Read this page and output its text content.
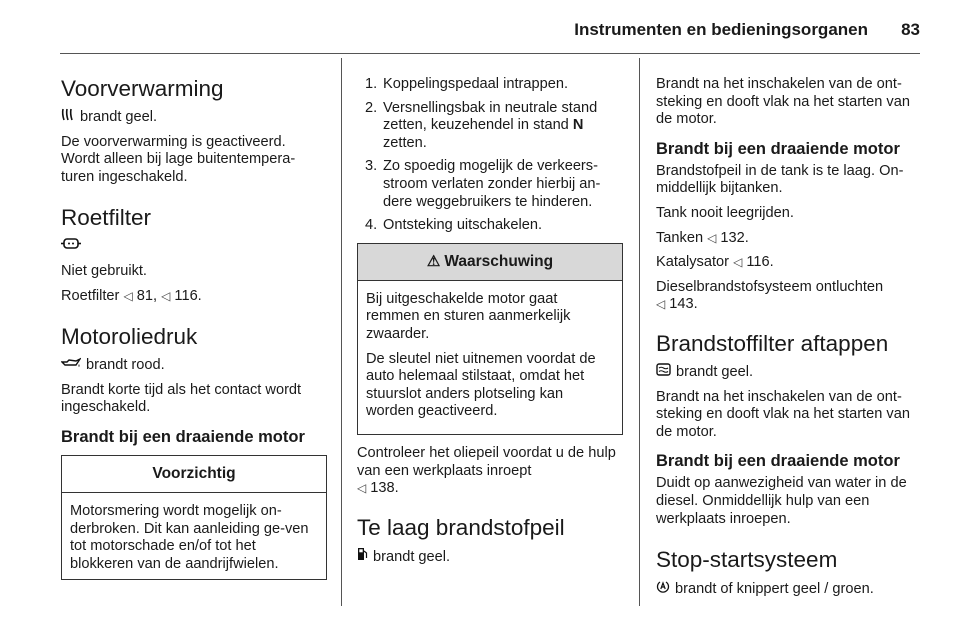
Instrumenten en bedieningsorganen 83
Voorverwarming

brandt geel.

De voorverwarming is geactiveerd. Wordt alleen bij lage buitentempera-turen ingeschakeld.

Roetfilter

Niet gebruikt.

Roetfilter ◁ 81, ◁ 116.

Motoroliedruk

brandt rood.

Brandt korte tijd als het contact wordt ingeschakeld.

Brandt bij een draaiende motor
Voorzichtig
Motorsmering wordt mogelijk on-derbroken. Dit kan aanleiding ge-ven tot motorschade en/of tot het blokkeren van de aandrijfwielen.
1. Koppelingspedaal intrappen.
2. Versnellingsbak in neutrale stand zetten, keuzehendel in stand N zetten.
3. Zo spoedig mogelijk de verkeers-stroom verlaten zonder hierbij an-dere weggebruikers te hinderen.
4. Ontsteking uitschakelen.
⚠ Waarschuwing

Bij uitgeschakelde motor gaat remmen en sturen aanmerkelijk zwaarder.

De sleutel niet uitnemen voordat de auto helemaal stilstaat, omdat het stuurslot anders plotseling kan worden geactiveerd.

Controleer het oliepeil voordat u de hulp van een werkplaats inroept
◁ 138.

Te laag brandstofpeil

brandt geel.

Brandt na het inschakelen van de ont-steking en dooft vlak na het starten van de motor.

Brandt bij een draaiende motor

Brandstofpeil in de tank is te laag. On-middellijk bijtanken.

Tank nooit leegrijden.

Tanken ◁ 132.

Katalysator ◁ 116.

Dieselbrandstofsysteem ontluchten
◁ 143.

Brandstoffilter aftappen

brandt geel.

Brandt na het inschakelen van de ont-steking en dooft vlak na het starten van de motor.

Brandt bij een draaiende motor

Duidt op aanwezigheid van water in de diesel. Onmiddellijk hulp van een werkplaats inroepen.

Stop-startsysteem

brandt of knippert geel / groen.
